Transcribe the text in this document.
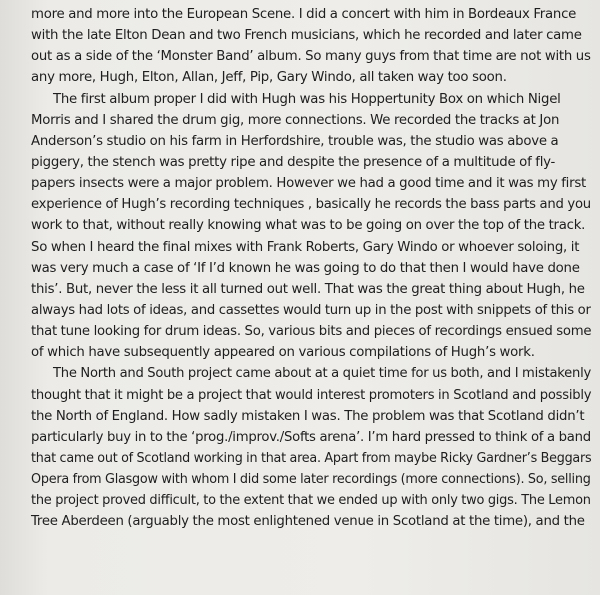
more and more into the European Scene. I did a concert with him in Bordeaux France
with the late Elton Dean and two French musicians, which he recorded and later came
out as a side of the ‘Monster Band’ album. So many guys from that time are not with us
any more, Hugh, Elton, Allan, Jeff, Pip, Gary Windo, all taken way too soon.
The first album proper I did with Hugh was his Hoppertunity Box on which Nigel
Morris and I shared the drum gig, more connections. We recorded the tracks at Jon
Anderson’s studio on his farm in Herfordshire, trouble was, the studio was above a
piggery, the stench was pretty ripe and despite the presence of a multitude of fly-
papers insects were a major problem. However we had a good time and it was my first
experience of Hugh’s recording techniques , basically he records the bass parts and you
work to that, without really knowing what was to be going on over the top of the track.
So when I heard the final mixes with Frank Roberts, Gary Windo or whoever soloing, it
was very much a case of ‘If I’d known he was going to do that then I would have done
this’. But, never the less it all turned out well. That was the great thing about Hugh, he
always had lots of ideas, and cassettes would turn up in the post with snippets of this or
that tune looking for drum ideas. So, various bits and pieces of recordings ensued some
of which have subsequently appeared on various compilations of Hugh’s work.
The North and South project came about at a quiet time for us both, and I mistakenly
thought that it might be a project that would interest promoters in Scotland and possibly
the North of England. How sadly mistaken I was. The problem was that Scotland didn’t
particularly buy in to the ‘prog./improv./Softs arena’. I’m hard pressed to think of a band
that came out of Scotland working in that area. Apart from maybe Ricky Gardner’s Beggars
Opera from Glasgow with whom I did some later recordings (more connections). So, selling
the project proved difficult, to the extent that we ended up with only two gigs. The Lemon
Tree Aberdeen (arguably the most enlightened venue in Scotland at the time), and the
